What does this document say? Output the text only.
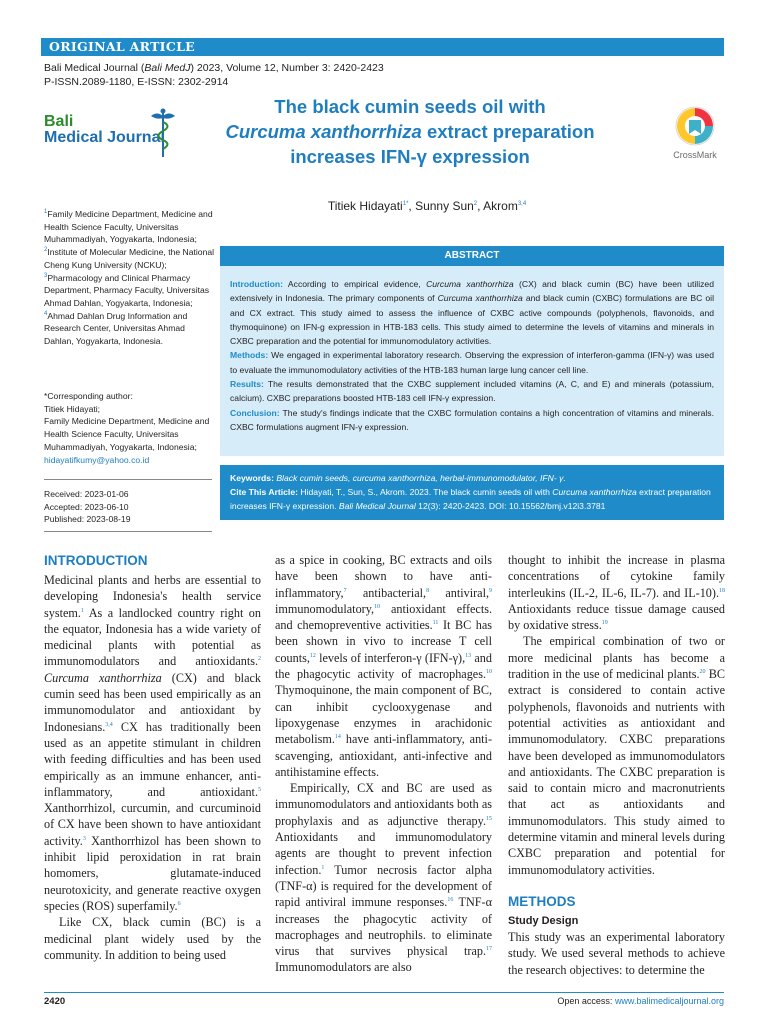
ORIGINAL ARTICLE
Bali Medical Journal (Bali MedJ) 2023, Volume 12, Number 3: 2420-2423
P-ISSN.2089-1180, E-ISSN: 2302-2914
Bali
Medical Journal
The black cumin seeds oil with
Curcuma xanthorrhiza extract preparation
increases IFN-γ expression	CrossMark
Titiek Hidayati$^{1*}$, Sunny Sun$^2$, Akrom$^{3,4}$

$^1$Family Medicine Department, Medicine and Health Science Faculty, Universitas Muhammadiyah, Yogyakarta, Indonesia;

$^2$Institute of Molecular Medicine, the National Cheng Kung University (NCKU);

$^3$Pharmacology and Clinical Pharmacy Department, Pharmacy Faculty, Universitas Ahmad Dahlan, Yogyakarta, Indonesia;

$^4$Ahmad Dahlan Drug Information and Research Center, Universitas Ahmad Dahlan, Yogyakarta, Indonesia.

*Corresponding author:

Titiek Hidayati;

Family Medicine Department, Medicine and Health Science Faculty, Universitas Muhammadiyah, Yogyakarta, Indonesia;

hidayatifkumy@yahoo.co.id

Received: 2023-01-06

Accepted: 2023-06-10

Published: 2023-08-19

ABSTRACT

Introduction: According to empirical evidence, Curcuma xanthorrhiza (CX) and black cumin (BC) have been utilized extensively in Indonesia. The primary components of Curcuma xanthorrhiza and black cumin (CXBC) formulations are BC oil and CX extract. This study aimed to assess the influence of CXBC active compounds (polyphenols, flavonoids, and thymoquinone) on IFN-g expression in HTB-183 cells. This study aimed to determine the levels of vitamins and minerals in CXBC preparation and the potential for immunomodulatory activities.

Methods: We engaged in experimental laboratory research. Observing the expression of interferon-gamma (IFN-γ) was used to evaluate the immunomodulatory activities of the HTB-183 human large lung cancer cell line.

Results: The results demonstrated that the CXBC supplement included vitamins (A, C, and E) and minerals (potassium, calcium). CXBC preparations boosted HTB-183 cell IFN-γ expression.

Conclusion: The study's findings indicate that the CXBC formulation contains a high concentration of vitamins and minerals. CXBC formulations augment IFN-γ expression.

Keywords: Black cumin seeds, curcuma xanthorrhiza, herbal-immunomodulator, IFN- γ.

Cite This Article: Hidayati, T., Sun, S., Akrom. 2023. The black cumin seeds oil with Curcuma xanthorrhiza extract preparation increases IFN-γ expression. Bali Medical Journal 12(3): 2420-2423. DOI: 10.15562/bmj.v12i3.3781

INTRODUCTION

Medicinal plants and herbs are essential to developing Indonesia's health service system.$^1$ As a landlocked country right on the equator, Indonesia has a wide variety of medicinal plants with potential as immunomodulators and antioxidants.$^2$ Curcuma xanthorrhiza (CX) and black cumin seed has been used empirically as an immunomodulator and antioxidant by Indonesians.$^{3,4}$ CX has traditionally been used as an appetite stimulant in children with feeding difficulties and has been used empirically as an immune enhancer, anti-inflammatory, and antioxidant.$^5$ Xanthorrhizol, curcumin, and curcuminoid of CX have been shown to have antioxidant activity.$^3$ Xanthorrhizol has been shown to inhibit lipid peroxidation in rat brain homomers, glutamate-induced neurotoxicity, and generate reactive oxygen species (ROS) superfamily.$^6$

Like CX, black cumin (BC) is a medicinal plant widely used by the community. In addition to being used

as a spice in cooking, BC extracts and oils have been shown to have anti-inflammatory,$^7$ antibacterial,$^8$ antiviral,$^9$ immunomodulatory,$^{10}$ antioxidant effects. and chemopreventive activities.$^{11}$ It BC has been shown in vivo to increase T cell counts,$^{12}$ levels of interferon-γ (IFN-γ),$^{13}$ and the phagocytic activity of macrophages.$^{10}$ Thymoquinone, the main component of BC, can inhibit cyclooxygenase and lipoxygenase enzymes in arachidonic metabolism.$^{14}$ have anti-inflammatory, anti-scavenging, antioxidant, anti-infective and antihistamine effects.

Empirically, CX and BC are used as immunomodulators and antioxidants both as prophylaxis and as adjunctive therapy.$^{15}$ Antioxidants and immunomodulatory agents are thought to prevent infection infection.$^1$ Tumor necrosis factor alpha (TNF-α) is required for the development of rapid antiviral immune responses.$^{16}$ TNF-α increases the phagocytic activity of macrophages and neutrophils. to eliminate virus that survives physical trap.$^{17}$ Immunomodulators are also

thought to inhibit the increase in plasma concentrations of cytokine family interleukins (IL-2, IL-6, IL-7). and IL-10).$^{18}$ Antioxidants reduce tissue damage caused by oxidative stress.$^{19}$

The empirical combination of two or more medicinal plants has become a tradition in the use of medicinal plants.$^{20}$ BC extract is considered to contain active polyphenols, flavonoids and nutrients with potential activities as antioxidant and immunomodulatory. CXBC preparations have been developed as immunomodulators and antioxidants. The CXBC preparation is said to contain micro and macronutrients that act as antioxidants and immunomodulators. This study aimed to determine vitamin and mineral levels during CXBC preparation and potential for immunomodulatory activities.

METHODS
Study Design

This study was an experimental laboratory study. We used several methods to achieve the research objectives: to determine the

2420	Open access: www.balimedicaljournal.org
